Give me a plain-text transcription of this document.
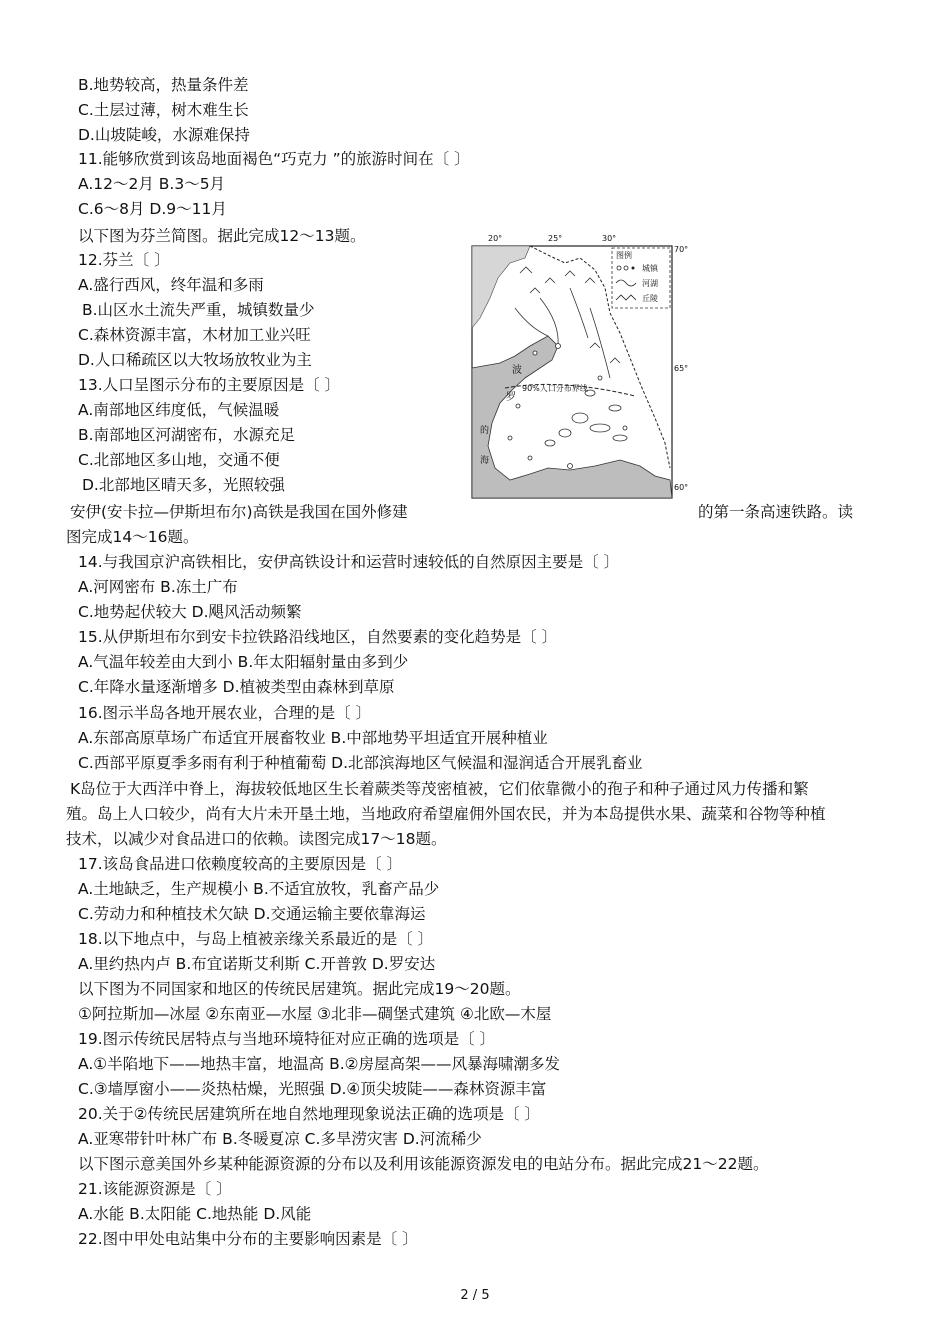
B.地势较高，热量条件差
C.土层过薄，树木难生长
D.山坡陡峻，水源难保持
11.能够欣赏到该岛地面褐色“巧克力 ”的旅游时间在〔 〕
A.12～2月 B.3～5月
C.6～8月 D.9～11月
以下图为芬兰简图。据此完成12～13题。
12.芬兰〔 〕
A.盛行西风，终年温和多雨
B.山区水土流失严重，城镇数量少
C.森林资源丰富，木材加工业兴旺
D.人口稀疏区以大牧场放牧业为主
13.人口呈图示分布的主要原因是〔 〕
A.南部地区纬度低，气候温暖
B.南部地区河湖密布，水源充足
C.北部地区多山地，交通不便
D.北部地区晴天多，光照较强
安伊(安卡拉—伊斯坦布尔)高铁是我国在国外修建
图完成14～16题。
14.与我国京沪高铁相比，安伊高铁设计和运营时速较低的自然原因主要是〔 〕
A.河网密布 B.冻土广布
C.地势起伏较大 D.飓风活动频繁
15.从伊斯坦布尔到安卡拉铁路沿线地区，自然要素的变化趋势是〔 〕
A.气温年较差由大到小 B.年太阳辐射量由多到少
C.年降水量逐渐增多 D.植被类型由森林到草原
16.图示半岛各地开展农业，合理的是〔 〕
A.东部高原草场广布适宜开展畜牧业 B.中部地势平坦适宜开展种植业
C.西部平原夏季多雨有利于种植葡萄 D.北部滨海地区气候温和湿润适合开展乳畜业
K岛位于大西洋中脊上，海拔较低地区生长着蕨类等茂密植被，它们依靠微小的孢子和种子通过风力传播和繁
殖。岛上人口较少，尚有大片未开垦土地，当地政府希望雇佣外国农民，并为本岛提供水果、蔬菜和谷物等种植
技术，以减少对食品进口的依赖。读图完成17～18题。
17.该岛食品进口依赖度较高的主要原因是〔 〕
A.土地缺乏，生产规模小 B.不适宜放牧，乳畜产品少
C.劳动力和种植技术欠缺 D.交通运输主要依靠海运
18.以下地点中，与岛上植被亲缘关系最近的是〔 〕
A.里约热内卢 B.布宜诺斯艾利斯 C.开普敦 D.罗安达
以下图为不同国家和地区的传统民居建筑。据此完成19～20题。
①阿拉斯加—冰屋 ②东南亚—水屋 ③北非—碉堡式建筑 ④北欧—木屋
19.图示传统民居特点与当地环境特征对应正确的选项是〔 〕
A.①半陷地下——地热丰富，地温高 B.②房屋高架——风暴海啸潮多发
C.③墙厚窗小——炎热枯燥，光照强 D.④顶尖坡陡——森林资源丰富
20.关于②传统民居建筑所在地自然地理现象说法正确的选项是〔 〕
A.亚寒带针叶林广布 B.冬暖夏凉 C.多旱涝灾害 D.河流稀少
以下图示意美国外乡某种能源资源的分布以及利用该能源资源发电的电站分布。据此完成21～22题。
21.该能源资源是〔 〕
A.水能 B.太阳能 C.地热能 D.风能
22.图中甲处电站集中分布的主要影响因素是〔 〕
的第一条高速铁路。读
20°	25°	30°
90%人口分布界线
波
罗
的
海
图例
城镇
河湖
丘陵
70°
65°
60°
2 / 5
